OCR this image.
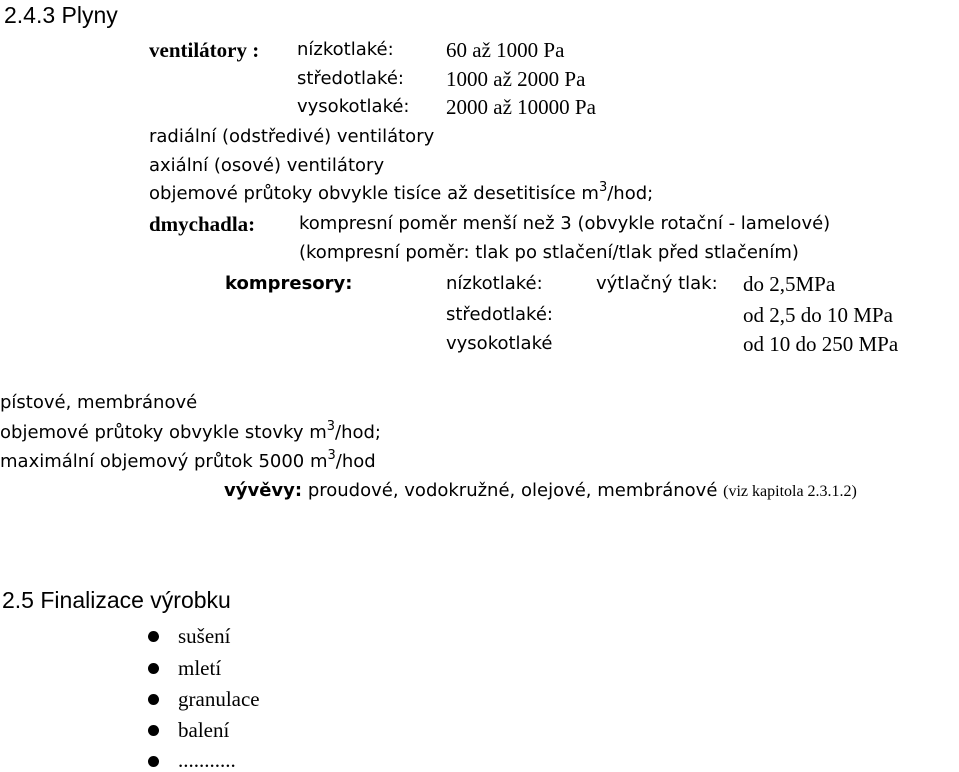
2.4.3 Plyny
ventilátory : nízkotlaké: 60 až 1000 Pa
středotlaké: 1000 až 2000 Pa
vysokotlaké: 2000 až 10000 Pa
radiální (odstředivé) ventilátory
axiální (osové) ventilátory
objemové průtoky obvykle tisíce až desetitisíce $m^3$/hod;
dmychadla: kompresní poměr menší než 3 (obvykle rotační - lamelové)
(kompresní poměr: tlak po stlačení/tlak před stlačením)
kompresory:	nízkotlaké:	výtlačný tlak: do 2,5MPa
středotlaké:	od 2,5 do 10 MPa
vysokotlaké	od 10 do 250 MPa
pístové, membránové
objemové průtoky obvykle stovky $m^3$/hod;
maximální objemový průtok 5000 $m^3$/hod
vývěvy: proudové, vodokružné, olejové, membránové (viz kapitola 2.3.1.2)
2.5 Finalizace výrobku
sušení
mletí
granulace
balení
...........
